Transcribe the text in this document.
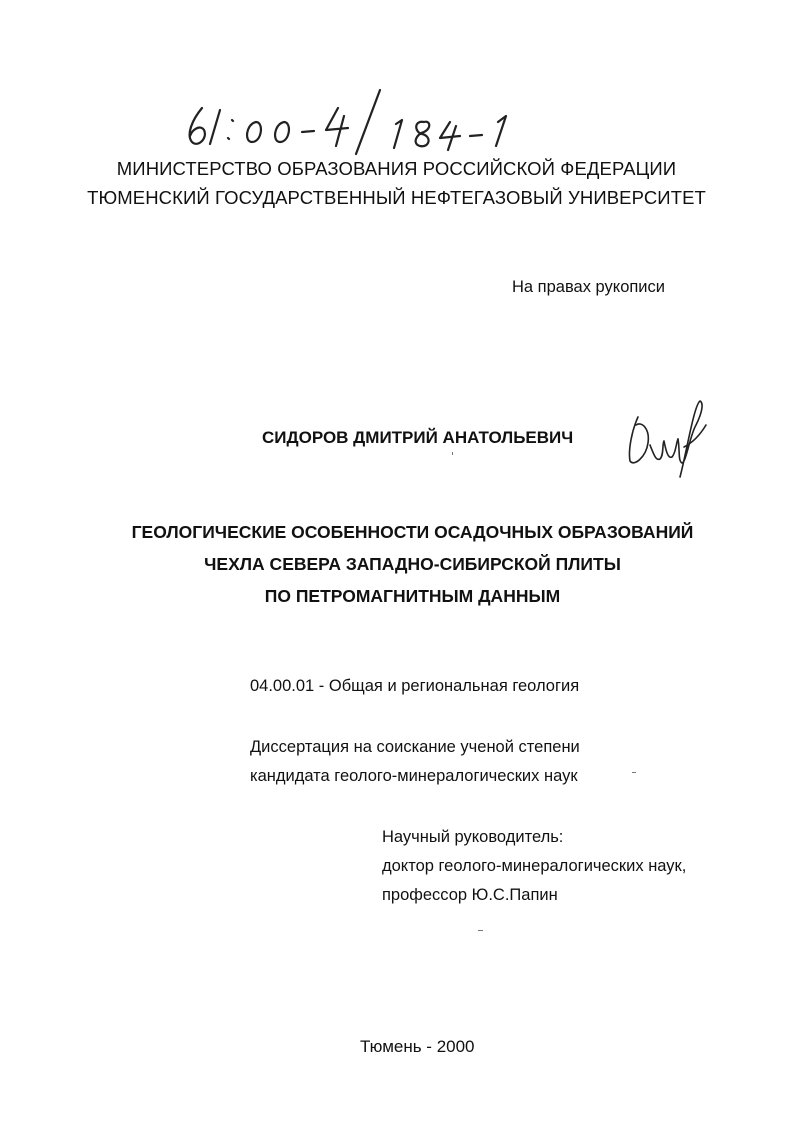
МИНИСТЕРСТВО ОБРАЗОВАНИЯ РОССИЙСКОЙ ФЕДЕРАЦИИ

ТЮМЕНСКИЙ ГОСУДАРСТВЕННЫЙ НЕФТЕГАЗОВЫЙ УНИВЕРСИТЕТ

На правах рукописи

СИДОРОВ ДМИТРИЙ АНАТОЛЬЕВИЧ

ГЕОЛОГИЧЕСКИЕ ОСОБЕННОСТИ ОСАДОЧНЫХ ОБРАЗОВАНИЙ

ЧЕХЛА СЕВЕРА ЗАПАДНО-СИБИРСКОЙ ПЛИТЫ

ПО ПЕТРОМАГНИТНЫМ ДАННЫМ

04.00.01 - Общая и региональная геология

Диссертация на соискание ученой степени

кандидата геолого-минералогических наук

Научный руководитель:

доктор геолого-минералогических наук,

профессор Ю.С.Папин

Тюмень - 2000
